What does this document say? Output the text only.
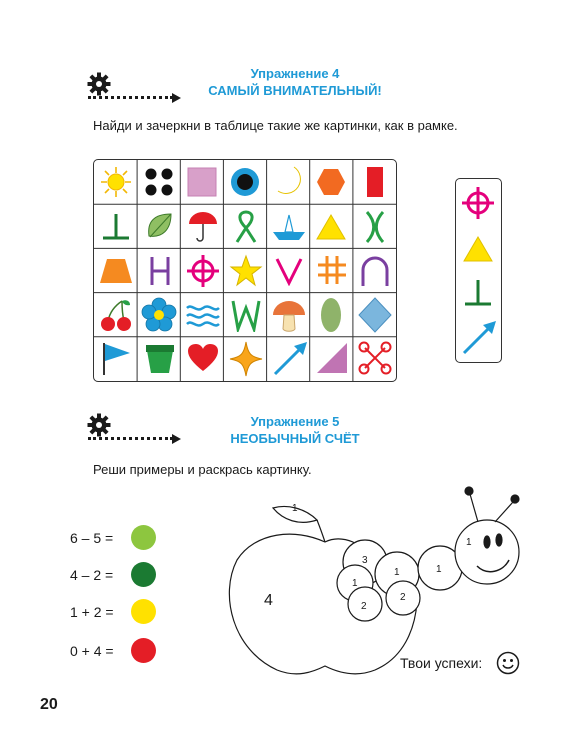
Упражнение 4
САМЫЙ ВНИМАТЕЛЬНЫЙ!
Найди и зачеркни в таблице такие же картинки, как в рамке.
Упражнение 5
НЕОБЫЧНЫЙ СЧЁТ
Реши примеры и раскрась картинку.
6 – 5 =
4 – 2 =
1 + 2 =
0 + 4 =
1
4
3
1
2
1
2
1
1
Твои успехи:
20
